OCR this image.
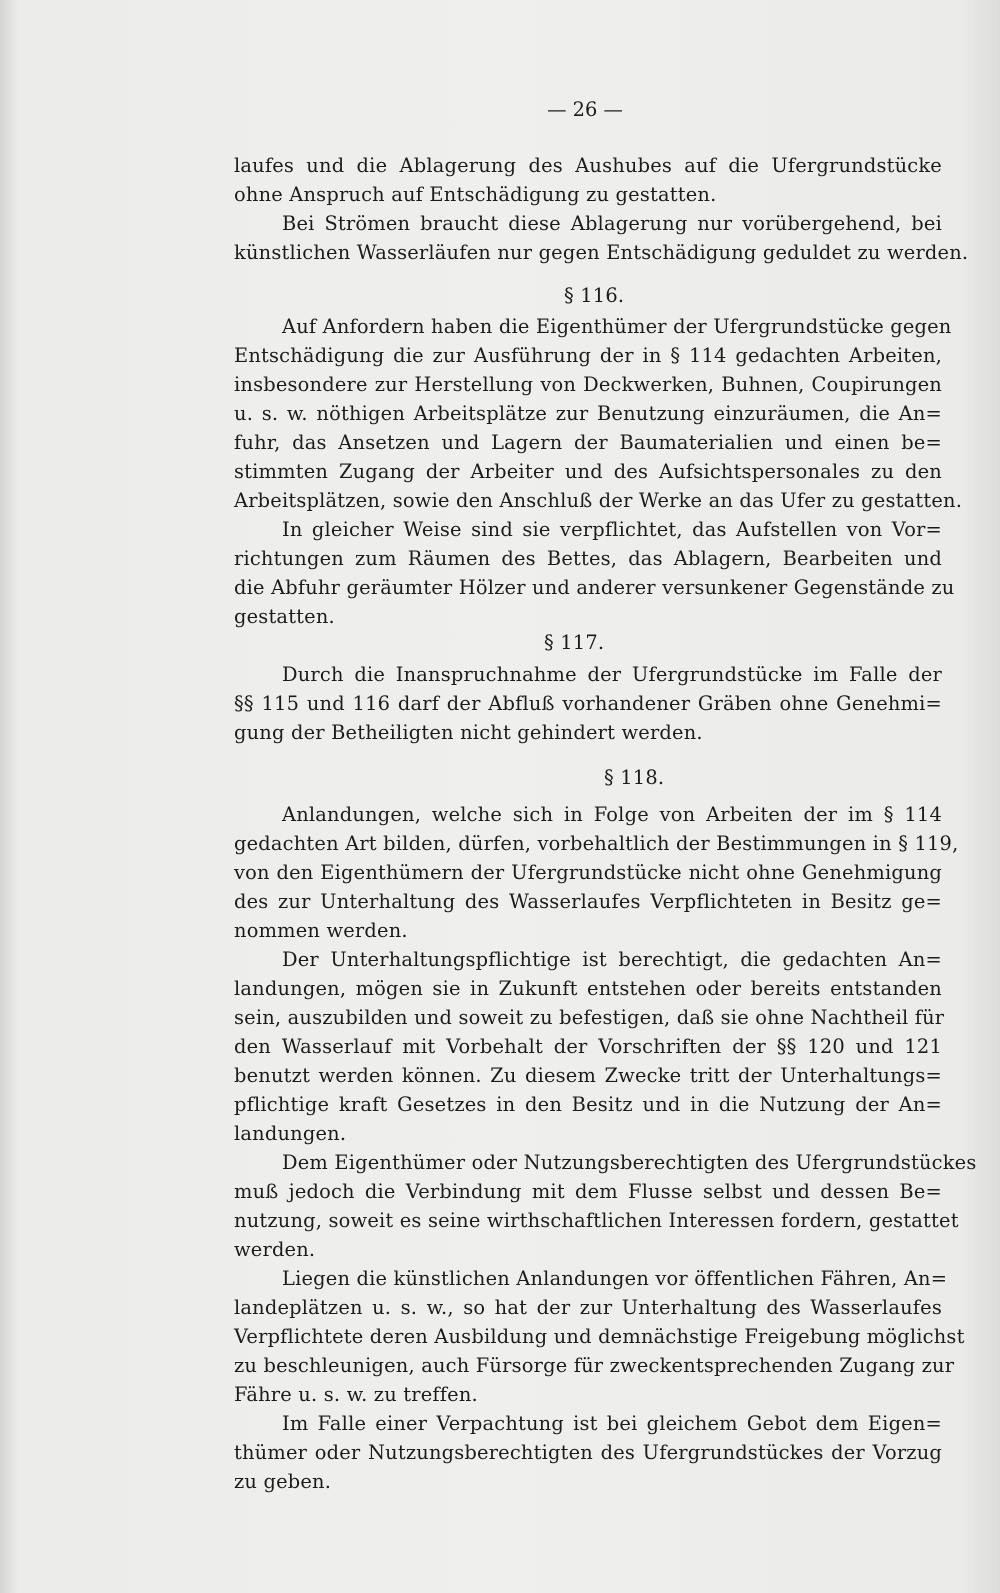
— 26 —
laufes und die Ablagerung des Aushubes auf die Ufergrundstücke
ohne Anspruch auf Entschädigung zu gestatten.
Bei Strömen braucht diese Ablagerung nur vorübergehend, bei
künstlichen Wasserläufen nur gegen Entschädigung geduldet zu werden.
§ 116.
Auf Anfordern haben die Eigenthümer der Ufergrundstücke gegen
Entschädigung die zur Ausführung der in § 114 gedachten Arbeiten,
insbesondere zur Herstellung von Deckwerken, Buhnen, Coupirungen
u. s. w. nöthigen Arbeitsplätze zur Benutzung einzuräumen, die An=
fuhr, das Ansetzen und Lagern der Baumaterialien und einen be=
stimmten Zugang der Arbeiter und des Aufsichtspersonales zu den
Arbeitsplätzen, sowie den Anschluß der Werke an das Ufer zu gestatten.
In gleicher Weise sind sie verpflichtet, das Aufstellen von Vor=
richtungen zum Räumen des Bettes, das Ablagern, Bearbeiten und
die Abfuhr geräumter Hölzer und anderer versunkener Gegenstände zu
gestatten.
§ 117.
Durch die Inanspruchnahme der Ufergrundstücke im Falle der
§§ 115 und 116 darf der Abfluß vorhandener Gräben ohne Genehmi=
gung der Betheiligten nicht gehindert werden.
§ 118.
Anlandungen, welche sich in Folge von Arbeiten der im § 114
gedachten Art bilden, dürfen, vorbehaltlich der Bestimmungen in § 119,
von den Eigenthümern der Ufergrundstücke nicht ohne Genehmigung
des zur Unterhaltung des Wasserlaufes Verpflichteten in Besitz ge=
nommen werden.
Der Unterhaltungspflichtige ist berechtigt, die gedachten An=
landungen, mögen sie in Zukunft entstehen oder bereits entstanden
sein, auszubilden und soweit zu befestigen, daß sie ohne Nachtheil für
den Wasserlauf mit Vorbehalt der Vorschriften der §§ 120 und 121
benutzt werden können. Zu diesem Zwecke tritt der Unterhaltungs=
pflichtige kraft Gesetzes in den Besitz und in die Nutzung der An=
landungen.
Dem Eigenthümer oder Nutzungsberechtigten des Ufergrundstückes
muß jedoch die Verbindung mit dem Flusse selbst und dessen Be=
nutzung, soweit es seine wirthschaftlichen Interessen fordern, gestattet
werden.
Liegen die künstlichen Anlandungen vor öffentlichen Fähren, An=
landeplätzen u. s. w., so hat der zur Unterhaltung des Wasserlaufes
Verpflichtete deren Ausbildung und demnächstige Freigebung möglichst
zu beschleunigen, auch Fürsorge für zweckentsprechenden Zugang zur
Fähre u. s. w. zu treffen.
Im Falle einer Verpachtung ist bei gleichem Gebot dem Eigen=
thümer oder Nutzungsberechtigten des Ufergrundstückes der Vorzug
zu geben.
